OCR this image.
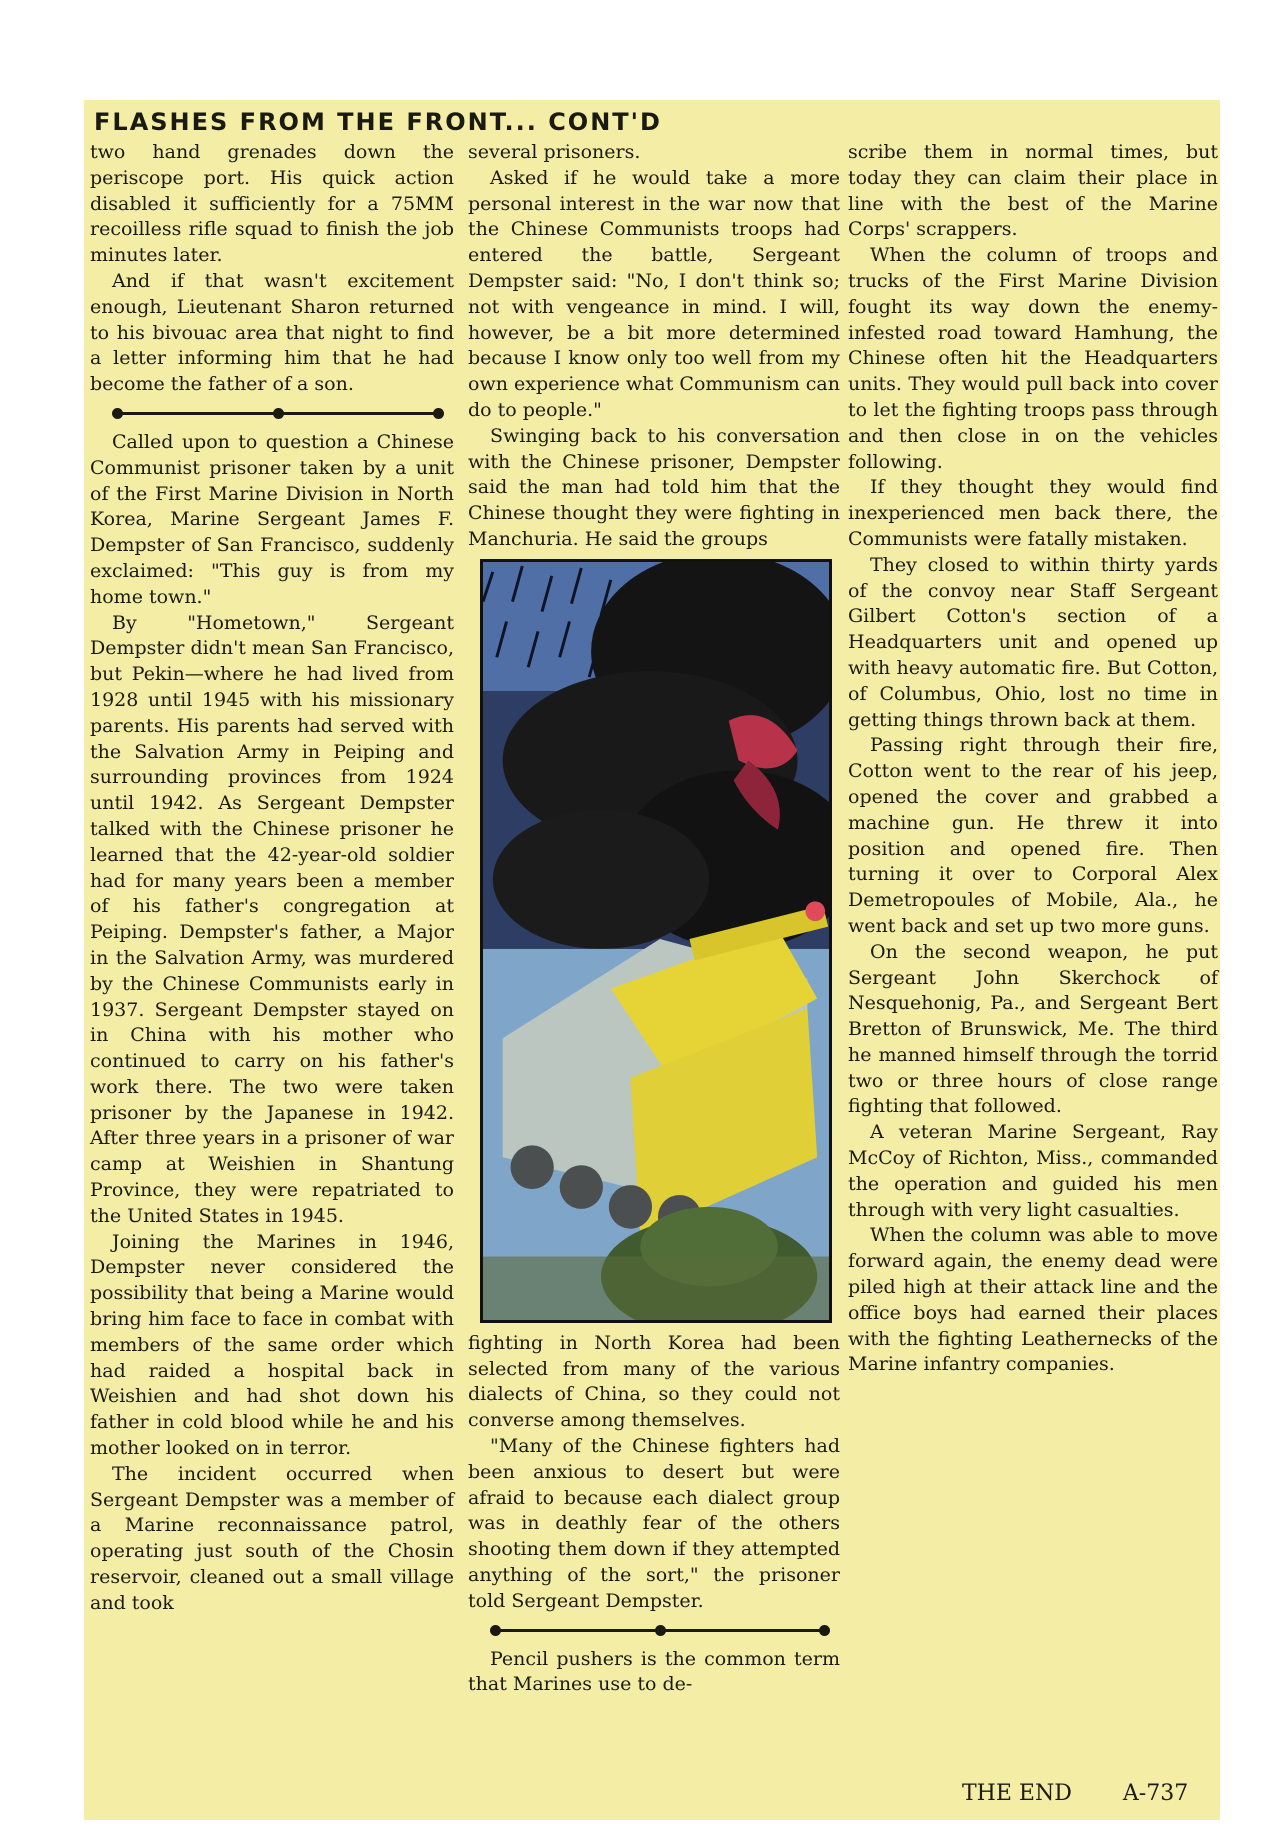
FLASHES FROM THE FRONT... CONT'D

two hand grenades down the periscope port. His quick action disabled it sufficiently for a 75MM recoilless rifle squad to finish the job minutes later.

And if that wasn't excitement enough, Lieutenant Sharon returned to his bivouac area that night to find a letter informing him that he had become the father of a son.

Called upon to question a Chinese Communist prisoner taken by a unit of the First Marine Division in North Korea, Marine Sergeant James F. Dempster of San Francisco, suddenly exclaimed: "This guy is from my home town."

By "Hometown," Sergeant Dempster didn't mean San Francisco, but Pekin—where he had lived from 1928 until 1945 with his missionary parents. His parents had served with the Salvation Army in Peiping and surrounding provinces from 1924 until 1942. As Sergeant Dempster talked with the Chinese prisoner he learned that the 42-year-old soldier had for many years been a member of his father's congregation at Peiping. Dempster's father, a Major in the Salvation Army, was murdered by the Chinese Communists early in 1937. Sergeant Dempster stayed on in China with his mother who continued to carry on his father's work there. The two were taken prisoner by the Japanese in 1942. After three years in a prisoner of war camp at Weishien in Shantung Province, they were repatriated to the United States in 1945.

Joining the Marines in 1946, Dempster never considered the possibility that being a Marine would bring him face to face in combat with members of the same order which had raided a hospital back in Weishien and had shot down his father in cold blood while he and his mother looked on in terror.

The incident occurred when Sergeant Dempster was a member of a Marine reconnaissance patrol, operating just south of the Chosin reservoir, cleaned out a small village and took

several prisoners.

Asked if he would take a more personal interest in the war now that the Chinese Communists troops had entered the battle, Sergeant Dempster said: "No, I don't think so; not with vengeance in mind. I will, however, be a bit more determined because I know only too well from my own experience what Communism can do to people."

Swinging back to his conversation with the Chinese prisoner, Dempster said the man had told him that the Chinese thought they were fighting in Manchuria. He said the groups

fighting in North Korea had been selected from many of the various dialects of China, so they could not converse among themselves.

"Many of the Chinese fighters had been anxious to desert but were afraid to because each dialect group was in deathly fear of the others shooting them down if they attempted anything of the sort," the prisoner told Sergeant Dempster.

Pencil pushers is the common term that Marines use to de-

scribe them in normal times, but today they can claim their place in line with the best of the Marine Corps' scrappers.

When the column of troops and trucks of the First Marine Division fought its way down the enemy-infested road toward Hamhung, the Chinese often hit the Headquarters units. They would pull back into cover to let the fighting troops pass through and then close in on the vehicles following.

If they thought they would find inexperienced men back there, the Communists were fatally mistaken.

They closed to within thirty yards of the convoy near Staff Sergeant Gilbert Cotton's section of a Headquarters unit and opened up with heavy automatic fire. But Cotton, of Columbus, Ohio, lost no time in getting things thrown back at them.

Passing right through their fire, Cotton went to the rear of his jeep, opened the cover and grabbed a machine gun. He threw it into position and opened fire. Then turning it over to Corporal Alex Demetropoules of Mobile, Ala., he went back and set up two more guns.

On the second weapon, he put Sergeant John Skerchock of Nesquehonig, Pa., and Sergeant Bert Bretton of Brunswick, Me. The third he manned himself through the torrid two or three hours of close range fighting that followed.

A veteran Marine Sergeant, Ray McCoy of Richton, Miss., commanded the operation and guided his men through with very light casualties.

When the column was able to move forward again, the enemy dead were piled high at their attack line and the office boys had earned their places with the fighting Leathernecks of the Marine infantry companies.

THE END A-737
